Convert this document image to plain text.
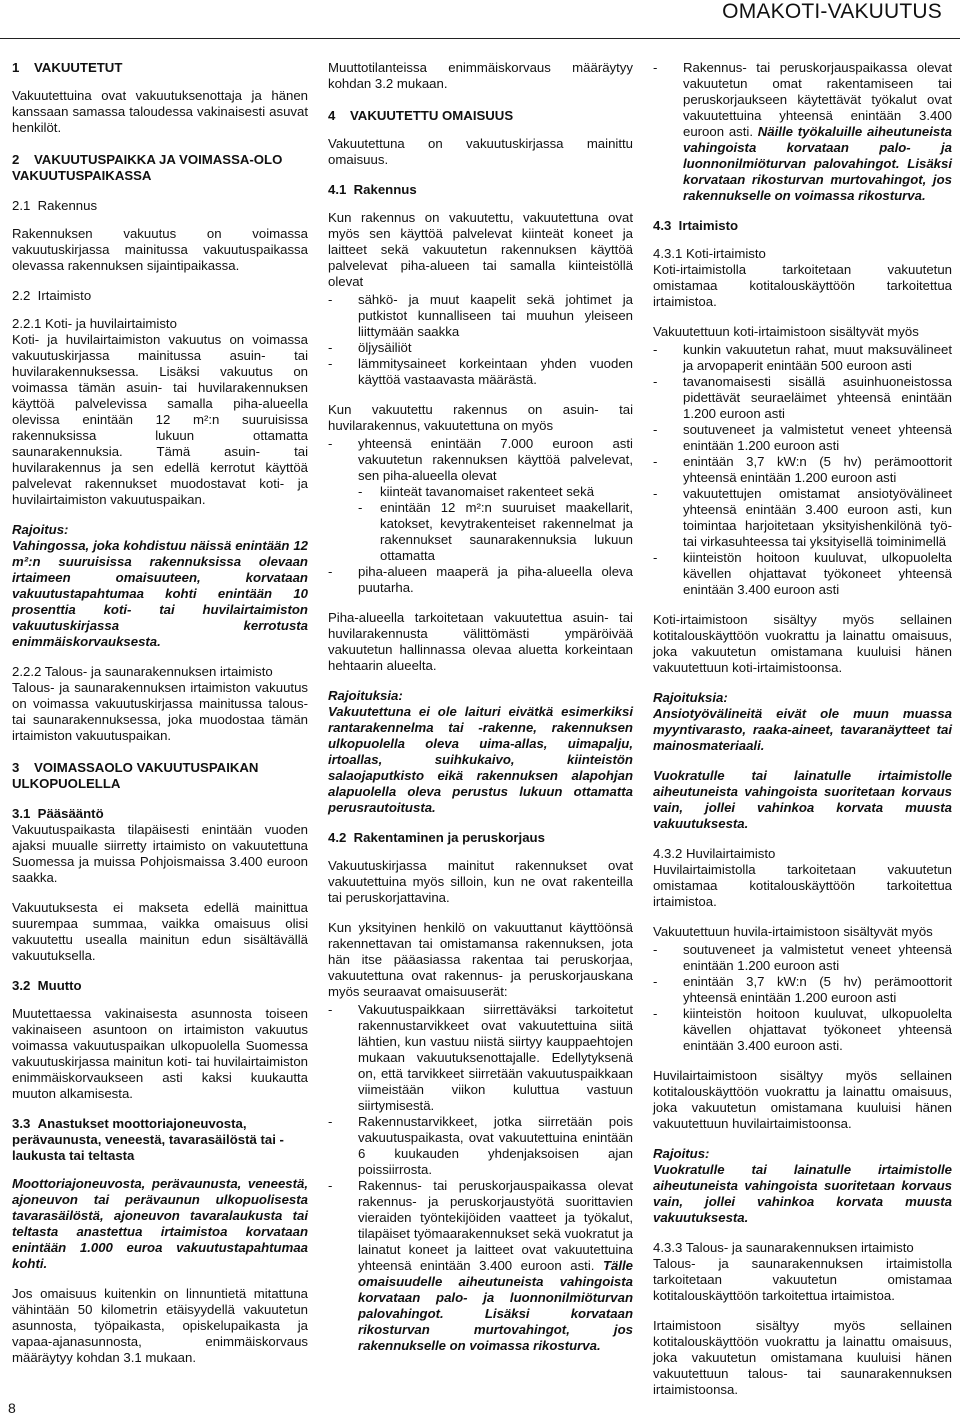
OMAKOTI-VAKUUTUS
1    VAKUUTETUT

Vakuutettuina ovat vakuutuksenottaja ja hänen kanssaan samassa taloudessa vakinaisesti asuvat henkilöt.

2    VAKUUTUSPAIKKA JA VOIMASSA-OLO VAKUUTUSPAIKASSA

2.1  Rakennus

Rakennuksen vakuutus on voimassa vakuutuskirjassa mainitussa vakuutuspaikassa olevassa rakennuksen sijaintipaikassa.

2.2  Irtaimisto

2.2.1 Koti- ja huvilairtaimisto

Koti- ja huvilairtaimiston vakuutus on voimassa vakuutuskirjassa mainitussa asuin- tai huvilarakennuksessa. Lisäksi vakuutus on voimassa tämän asuin- tai huvilarakennuksen käyttöä palvelevissa samalla piha-alueella olevissa enintään 12 m²:n suuruisissa rakennuksissa lukuun ottamatta saunarakennuksia. Tämä asuin- tai huvilarakennus ja sen edellä kerrotut käyttöä palvelevat rakennukset muodostavat koti- ja huvilairtaimiston vakuutuspaikan.

Rajoitus:

Vahingossa, joka kohdistuu näissä enintään 12 m²:n suuruisissa rakennuksissa olevaan irtaimeen omaisuuteen, korvataan vakuutustapahtumaa kohti enintään 10 prosenttia koti- tai huvilairtaimiston vakuutuskirjassa kerrotusta enimmäiskorvauksesta.

2.2.2 Talous- ja saunarakennuksen irtaimisto

Talous- ja saunarakennuksen irtaimiston vakuutus on voimassa vakuutuskirjassa mainitussa talous- tai saunarakennuksessa, joka muodostaa tämän irtaimiston vakuutuspaikan.

3    VOIMASSAOLO VAKUUTUSPAIKAN ULKOPUOLELLA
3.1  Pääsääntö

Vakuutuspaikasta tilapäisesti enintään vuoden ajaksi muualle siirretty irtaimisto on vakuutettuna Suomessa ja muissa Pohjoismaissa 3.400 euroon saakka.

Vakuutuksesta ei makseta edellä mainittua suurempaa summaa, vaikka omaisuus olisi vakuutettu usealla mainitun edun sisältävällä vakuutuksella.

3.2  Muutto

Muutettaessa vakinaisesta asunnosta toiseen vakinaiseen asuntoon on irtaimiston vakuutus voimassa vakuutuspaikan ulkopuolella Suomessa vakuutuskirjassa mainitun koti- tai huvilairtaimiston enimmäiskorvaukseen asti kaksi kuukautta muuton alkamisesta.

3.3  Anastukset moottoriajoneuvosta, perävaunusta, veneestä, tavarasäilöstä tai -laukusta tai teltasta

Moottoriajoneuvosta, perävaunusta, veneestä, ajoneuvon tai perävaunun ulkopuolisesta tavarasäilöstä, ajoneuvon tavaralaukusta tai teltasta anastettua irtaimistoa korvataan enintään 1.000 euroa vakuutustapahtumaa kohti.

Jos omaisuus kuitenkin on linnuntietä mitattuna vähintään 50 kilometrin etäisyydellä vakuutetun asunnosta, työpaikasta, opiskelupaikasta ja vapaa-ajanasunnosta, enimmäiskorvaus määräytyy kohdan 3.1 mukaan.

Muuttotilanteissa enimmäiskorvaus määräytyy kohdan 3.2 mukaan.

4    VAKUUTETTU OMAISUUS

Vakuutettuna on vakuutuskirjassa mainittu omaisuus.

4.1  Rakennus

Kun rakennus on vakuutettu, vakuutettuna ovat myös sen käyttöä palvelevat kiinteät koneet ja laitteet sekä vakuutetun rakennuksen käyttöä palvelevat piha-alueen tai samalla kiinteistöllä olevat

- sähkö- ja muut kaapelit sekä johtimet ja putkistot kunnalliseen tai muuhun yleiseen liittymään saakka
- öljysäiliöt
- lämmitysaineet korkeintaan yhden vuoden käyttöä vastaavasta määrästä.

Kun vakuutettu rakennus on asuin- tai huvilarakennus, vakuutettuna on myös

- yhteensä enintään 7.000 euroon asti vakuutetun rakennuksen käyttöä palvelevat, sen piha-alueella olevat
- kiinteät tavanomaiset rakenteet sekä
- enintään 12 m²:n suuruiset maakellarit, katokset, kevytrakenteiset rakennelmat ja rakennukset saunarakennuksia lukuun ottamatta
- piha-alueen maaperä ja piha-alueella oleva puutarha.

Piha-alueella tarkoitetaan vakuutettua asuin- tai huvilarakennusta välittömästi ympäröivää vakuutetun hallinnassa olevaa aluetta korkeintaan hehtaarin alueelta.

Rajoituksia:

Vakuutettuna ei ole laituri eivätkä esimerkiksi rantarakennelma tai -rakenne, rakennuksen ulkopuolella oleva uima-allas, uimapalju, irtoallas, suihkukaivo, kiinteistön salaojaputkisto eikä rakennuksen alapohjan alapuolella oleva perustus lukuun ottamatta perusrautoitusta.

4.2  Rakentaminen ja peruskorjaus

Vakuutuskirjassa mainitut rakennukset ovat vakuutettuina myös silloin, kun ne ovat rakenteilla tai peruskorjattavina.

Kun yksityinen henkilö on vakuuttanut käyttöönsä rakennettavan tai omistamansa rakennuksen, jota hän itse pääasiassa rakentaa tai peruskorjaa, vakuutettuna ovat rakennus- ja peruskorjauskana myös seuraavat omaisuuserät:

- Vakuutuspaikkaan siirrettäväksi tarkoitetut rakennustarvikkeet ovat vakuutettuina siitä lähtien, kun vastuu niistä siirtyy kauppaehtojen mukaan vakuutuksenottajalle. Edellytyksenä on, että tarvikkeet siirretään vakuutuspaikkaan viimeistään viikon kuluttua vastuun siirtymisestä.
- Rakennustarvikkeet, jotka siirretään pois vakuutuspaikasta, ovat vakuutettuina enintään 6 kuukauden yhdenjaksoisen ajan poissiirrosta.
- Rakennus- tai peruskorjauspaikassa olevat rakennus- ja peruskorjaustyötä suorittavien vieraiden työntekijöiden vaatteet ja työkalut, tilapäiset työmaarakennukset sekä vuokratut ja lainatut koneet ja laitteet ovat vakuutettuina yhteensä enintään 3.400 euroon asti. Tälle omaisuudelle aiheutuneista vahingoista korvataan palo- ja luonnonilmiöturvan palovahingot. Lisäksi korvataan rikosturvan murtovahingot, jos rakennukselle on voimassa rikosturva.
- Rakennus- tai peruskorjauspaikassa olevat vakuutetun omat rakentamiseen tai peruskorjaukseen käytettävät työkalut ovat vakuutettuina yhteensä enintään 3.400 euroon asti. Näille työkaluille aiheutuneista vahingoista korvataan palo- ja luonnonilmiöturvan palovahingot. Lisäksi korvataan rikosturvan murtovahingot, jos rakennukselle on voimassa rikosturva.
4.3  Irtaimisto

4.3.1 Koti-irtaimisto

Koti-irtaimistolla tarkoitetaan vakuutetun omistamaa kotitalouskäyttöön tarkoitettua irtaimistoa.

Vakuutettuun koti-irtaimistoon sisältyvät myös

- kunkin vakuutetun rahat, muut maksuvälineet ja arvopaperit enintään 500 euroon asti
- tavanomaisesti sisällä asuinhuoneistossa pidettävät seuraeläimet yhteensä enintään 1.200 euroon asti
- soutuveneet ja valmistetut veneet yhteensä enintään 1.200 euroon asti
- enintään 3,7 kW:n (5 hv) perämoottorit yhteensä enintään 1.200 euroon asti
- vakuutettujen omistamat ansiotyövälineet yhteensä enintään 3.400 euroon asti, kun toimintaa harjoitetaan yksityishenkilönä työ- tai virkasuhteessa tai yksityisellä toiminimellä
- kiinteistön hoitoon kuuluvat, ulkopuolelta kävellen ohjattavat työkoneet yhteensä enintään 3.400 euroon asti

Koti-irtaimistoon sisältyy myös sellainen kotitalouskäyttöön vuokrattu ja lainattu omaisuus, joka vakuutetun omistamana kuuluisi hänen vakuutettuun koti-irtaimistoonsa.

Rajoituksia:

Ansiotyövälineitä eivät ole muun muassa myyntivarasto, raaka-aineet, tavaranäytteet tai mainosmateriaali.

Vuokratulle tai lainatulle irtaimistolle aiheutuneista vahingoista suoritetaan korvaus vain, jollei vahinkoa korvata muusta vakuutuksesta.

4.3.2 Huvilairtaimisto

Huvilairtaimistolla tarkoitetaan vakuutetun omistamaa kotitalouskäyttöön tarkoitettua irtaimistoa.

Vakuutettuun huvila-irtaimistoon sisältyvät myös

- soutuveneet ja valmistetut veneet yhteensä enintään 1.200 euroon asti
- enintään 3,7 kW:n (5 hv) perämoottorit yhteensä enintään 1.200 euroon asti
- kiinteistön hoitoon kuuluvat, ulkopuolelta kävellen ohjattavat työkoneet yhteensä enintään 3.400 euroon asti.

Huvilairtaimistoon sisältyy myös sellainen kotitalouskäyttöön vuokrattu ja lainattu omaisuus, joka vakuutetun omistamana kuuluisi hänen vakuutettuun huvilairtaimistoonsa.

Rajoitus:

Vuokratulle tai lainatulle irtaimistolle aiheutuneista vahingoista suoritetaan korvaus vain, jollei vahinkoa korvata muusta vakuutuksesta.

4.3.3 Talous- ja saunarakennuksen irtaimisto

Talous- ja saunarakennuksen irtaimistolla tarkoitetaan vakuutetun omistamaa kotitalouskäyttöön tarkoitettua irtaimistoa.

Irtaimistoon sisältyy myös sellainen kotitalouskäyttöön vuokrattu ja lainattu omaisuus, joka vakuutetun omistamana kuuluisi hänen vakuutettuun talous- tai saunarakennuksen irtaimistoonsa.

8
